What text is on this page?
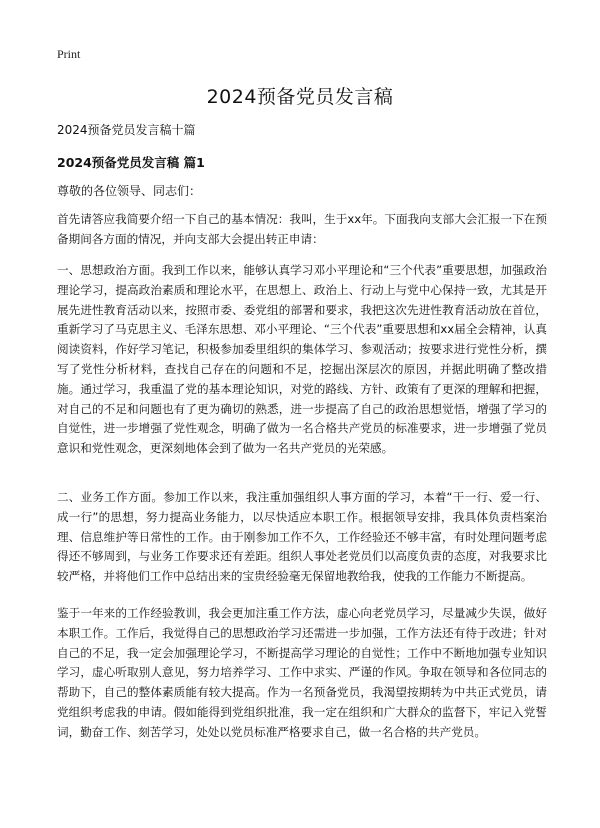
Print
2024预备党员发言稿

2024预备党员发言稿十篇

2024预备党员发言稿 篇1

尊敬的各位领导、同志们：

首先请答应我简要介绍一下自己的基本情况：我叫，生于xx年。下面我向支部大会汇报一下在预备期间各方面的情况，并向支部大会提出转正申请：

一、思想政治方面。我到工作以来，能够认真学习邓小平理论和“三个代表”重要思想，加强政治理论学习，提高政治素质和理论水平，在思想上、政治上、行动上与党中心保持一致，尤其是开展先进性教育活动以来，按照市委、委党组的部署和要求，我把这次先进性教育活动放在首位，重新学习了马克思主义、毛泽东思想、邓小平理论、“三个代表”重要思想和xx届全会精神，认真阅读资料，作好学习笔记，积极参加委里组织的集体学习、参观活动；按要求进行党性分析，撰写了党性分析材料，查找自己存在的问题和不足，挖掘出深层次的原因，并据此明确了整改措施。通过学习，我重温了党的基本理论知识，对党的路线、方针、政策有了更深的理解和把握，对自己的不足和问题也有了更为确切的熟悉，进一步提高了自己的政治思想觉悟，增强了学习的自觉性，进一步增强了党性观念，明确了做为一名合格共产党员的标准要求，进一步增强了党员意识和党性观念，更深刻地体会到了做为一名共产党员的光荣感。

二、业务工作方面。参加工作以来，我注重加强组织人事方面的学习，本着“干一行、爱一行、成一行”的思想，努力提高业务能力，以尽快适应本职工作。根据领导安排，我具体负责档案治理、信息维护等日常性的工作。由于刚参加工作不久，工作经验还不够丰富，有时处理问题考虑得还不够周到，与业务工作要求还有差距。组织人事处老党员们以高度负责的态度，对我要求比较严格，并将他们工作中总结出来的宝贵经验毫无保留地教给我，使我的工作能力不断提高。

鉴于一年来的工作经验教训，我会更加注重工作方法，虚心向老党员学习，尽量减少失误，做好本职工作。工作后，我觉得自己的思想政治学习还需进一步加强，工作方法还有待于改进；针对自己的不足，我一定会加强理论学习，不断提高学习理论的自觉性；工作中不断地加强专业知识学习，虚心听取别人意见，努力培养学习、工作中求实、严谨的作风。争取在领导和各位同志的帮助下，自己的整体素质能有较大提高。作为一名预备党员，我渴望按期转为中共正式党员，请党组织考虑我的申请。假如能得到党组织批准，我一定在组织和广大群众的监督下，牢记入党誓词，勤奋工作、刻苦学习，处处以党员标准严格要求自己，做一名合格的共产党员。
